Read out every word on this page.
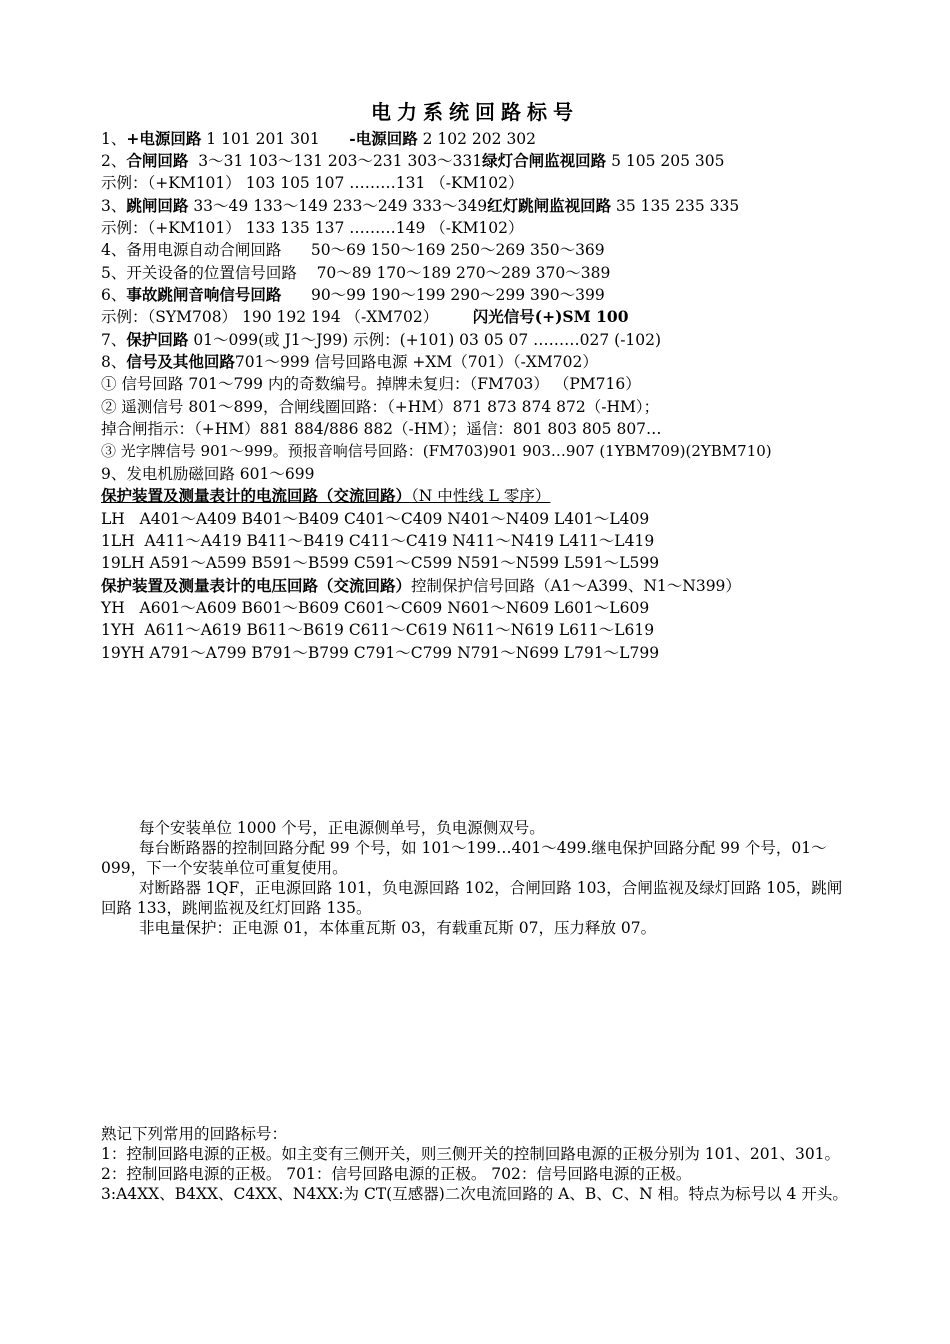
电力系统回路标号
1、+电源回路 1 101 201 301      -电源回路 2 102 202 302
2、合闸回路  3～31 103～131 203～231 303～331绿灯合闸监视回路 5 105 205 305
示例：（+KM101） 103 105 107 ………131 （-KM102）
3、跳闸回路 33～49 133～149 233～249 333～349红灯跳闸监视回路 35 135 235 335
示例：（+KM101） 133 135 137 ………149 （-KM102）
4、备用电源自动合闸回路      50～69 150～169 250～269 350～369
5、开关设备的位置信号回路    70～89 170～189 270～289 370～389
6、事故跳闸音响信号回路      90～99 190～199 290～299 390～399
示例：（SYM708） 190 192 194 （-XM702）       闪光信号(+)SM 100
7、保护回路 01～099(或 J1～J99) 示例：(+101) 03 05 07 ………027 (-102)
8、信号及其他回路701～999 信号回路电源 +XM（701）（-XM702）
① 信号回路 701～799 内的奇数编号。掉牌未复归：（FM703） （PM716）
② 遥测信号 801～899，合闸线圈回路：（+HM）871 873 874 872（-HM）；
掉合闸指示：（+HM）881 884/886 882（-HM）；遥信：801 803 805 807…
③ 光字牌信号 901～999。预报音响信号回路：(FM703)901 903…907 (1YBM709)(2YBM710)
9、发电机励磁回路 601～699
保护装置及测量表计的电流回路（交流回路）（N 中性线 L 零序）
LH   A401～A409 B401～B409 C401～C409 N401～N409 L401～L409
1LH  A411～A419 B411～B419 C411～C419 N411～N419 L411～L419
19LH A591～A599 B591～B599 C591～C599 N591～N599 L591～L599
保护装置及测量表计的电压回路（交流回路）控制保护信号回路（A1～A399、N1～N399）
YH   A601～A609 B601～B609 C601～C609 N601～N609 L601～L609
1YH  A611～A619 B611～B619 C611～C619 N611～N619 L611～L619
19YH A791～A799 B791～B799 C791～C799 N791～N699 L791～L799

每个安装单位 1000 个号，正电源侧单号，负电源侧双号。

每台断路器的控制回路分配 99 个号，如 101～199…401～499.继电保护回路分配 99 个号，01～099，下一个安装单位可重复使用。

对断路器 1QF，正电源回路 101，负电源回路 102，合闸回路 103，合闸监视及绿灯回路 105，跳闸回路 133，跳闸监视及红灯回路 135。

非电量保护：正电源 01，本体重瓦斯 03，有载重瓦斯 07，压力释放 07。

熟记下列常用的回路标号：

1：控制回路电源的正极。如主变有三侧开关，则三侧开关的控制回路电源的正极分别为 101、201、301。

2：控制回路电源的正极。 701：信号回路电源的正极。 702：信号回路电源的正极。

3:A4XX、B4XX、C4XX、N4XX:为 CT(互感器)二次电流回路的 A、B、C、N 相。特点为标号以 4 开头。
